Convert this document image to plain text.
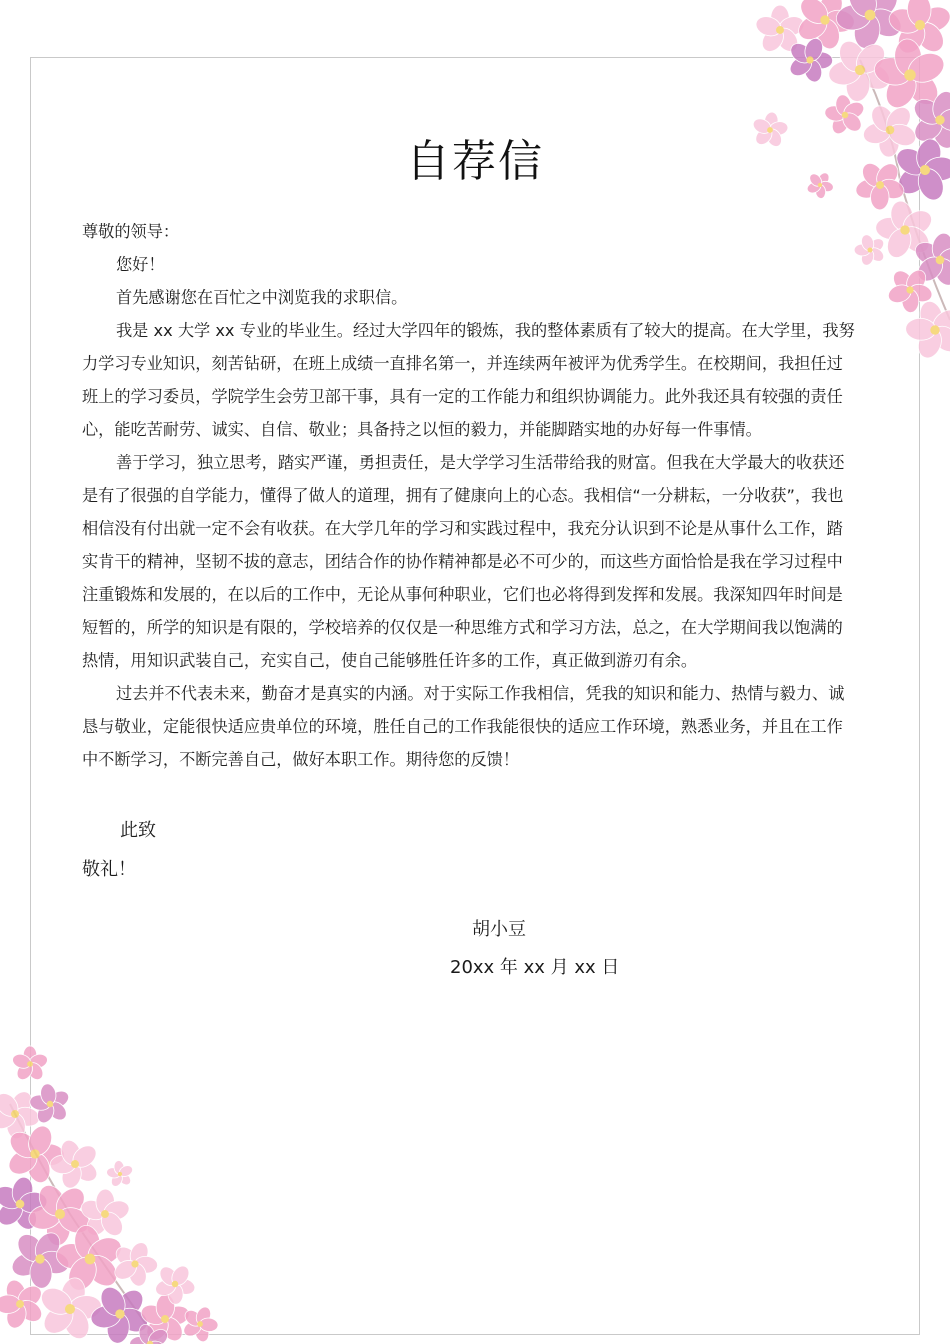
自荐信

尊敬的领导：

您好！

首先感谢您在百忙之中浏览我的求职信。

我是 xx 大学 xx 专业的毕业生。经过大学四年的锻炼，我的整体素质有了较大的提高。在大学里，我努力学习专业知识，刻苦钻研，在班上成绩一直排名第一，并连续两年被评为优秀学生。在校期间，我担任过班上的学习委员，学院学生会劳卫部干事，具有一定的工作能力和组织协调能力。此外我还具有较强的责任心，能吃苦耐劳、诚实、自信、敬业；具备持之以恒的毅力，并能脚踏实地的办好每一件事情。

善于学习，独立思考，踏实严谨，勇担责任，是大学学习生活带给我的财富。但我在大学最大的收获还是有了很强的自学能力，懂得了做人的道理，拥有了健康向上的心态。我相信“一分耕耘，一分收获”，我也相信没有付出就一定不会有收获。在大学几年的学习和实践过程中，我充分认识到不论是从事什么工作，踏实肯干的精神，坚韧不拔的意志，团结合作的协作精神都是必不可少的，而这些方面恰恰是我在学习过程中注重锻炼和发展的，在以后的工作中，无论从事何种职业，它们也必将得到发挥和发展。我深知四年时间是短暂的，所学的知识是有限的，学校培养的仅仅是一种思维方式和学习方法，总之，在大学期间我以饱满的热情，用知识武装自己，充实自己，使自己能够胜任许多的工作，真正做到游刃有余。

过去并不代表未来，勤奋才是真实的内涵。对于实际工作我相信，凭我的知识和能力、热情与毅力、诚恳与敬业，定能很快适应贵单位的环境，胜任自己的工作我能很快的适应工作环境，熟悉业务，并且在工作中不断学习，不断完善自己，做好本职工作。期待您的反馈！

此致
敬礼！
胡小豆
20xx 年 xx 月 xx 日
